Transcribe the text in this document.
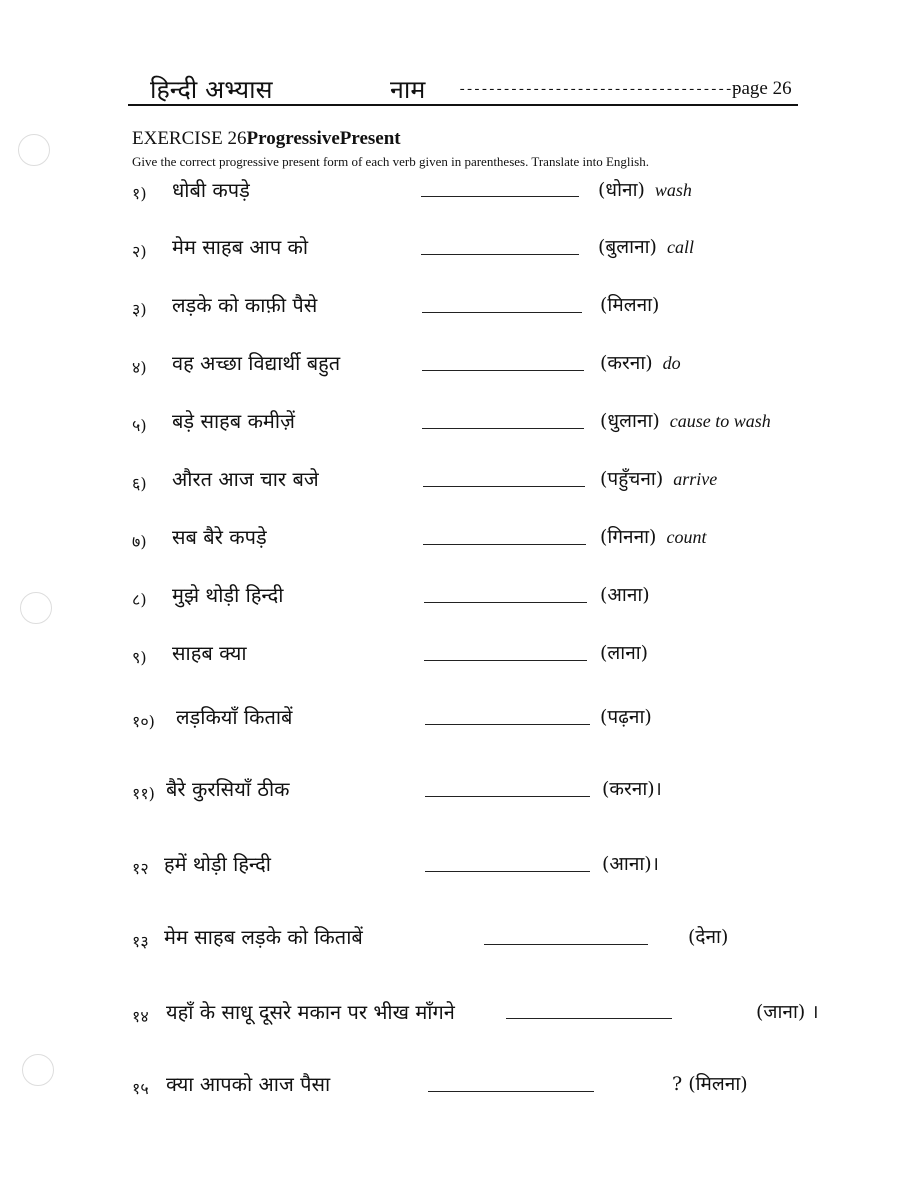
हिन्दी अभ्यास	नाम --------------------------------------
page 26
EXERCISE 26ProgressivePresent
Give the correct progressive present form of each verb given in parentheses. Translate into English.
१) धोबी कपड़े	(धोना) wash
२) मेम साहब आप को	(बुलाना) call
३) लड़के को काफ़ी पैसे	(मिलना)
४) वह अच्छा विद्यार्थी बहुत	(करना) do
५) बड़े साहब कमीज़ें	(धुलाना) cause to wash
६) औरत आज चार बजे	(पहुँचना) arrive
७) सब बैरे कपड़े	(गिनना) count
८) मुझे थोड़ी हिन्दी	(आना)
९) साहब क्या	(लाना)
१०) लड़कियाँ किताबें	(पढ़ना)
११) बैरे कुरसियाँ ठीक	(करना)।
१२ हमें थोड़ी हिन्दी	(आना)।
१३ मेम साहब लड़के को किताबें	(देना)
१४ यहाँ के साधू दूसरे मकान पर भीख माँगने	(जाना) ।
१५ क्या आपको आज पैसा	? (मिलना)
